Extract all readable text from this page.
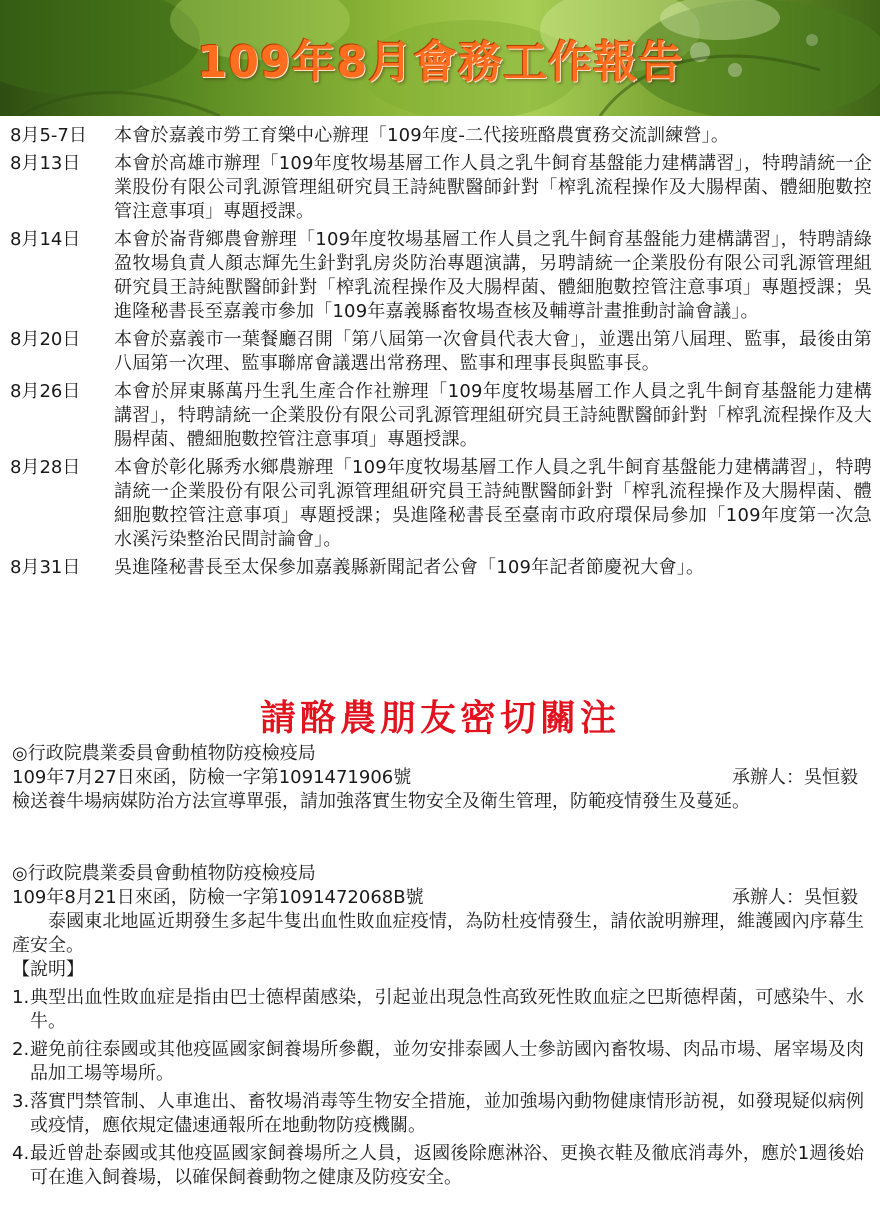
109年8月會務工作報告
8月5-7日	本會於嘉義市勞工育樂中心辦理「109年度-二代接班酪農實務交流訓練營」。
8月13日	本會於高雄市辦理「109年度牧場基層工作人員之乳牛飼育基盤能力建構講習」，特聘請統一企業股份有限公司乳源管理組研究員王詩純獸醫師針對「榨乳流程操作及大腸桿菌、體細胞數控管注意事項」專題授課。
8月14日	本會於崙背鄉農會辦理「109年度牧場基層工作人員之乳牛飼育基盤能力建構講習」，特聘請綠盈牧場負責人顏志輝先生針對乳房炎防治專題演講，另聘請統一企業股份有限公司乳源管理組研究員王詩純獸醫師針對「榨乳流程操作及大腸桿菌、體細胞數控管注意事項」專題授課；吳進隆秘書長至嘉義市參加「109年嘉義縣畜牧場查核及輔導計畫推動討論會議」。
8月20日	本會於嘉義市一葉餐廳召開「第八屆第一次會員代表大會」，並選出第八屆理、監事，最後由第八屆第一次理、監事聯席會議選出常務理、監事和理事長與監事長。
8月26日	本會於屏東縣萬丹生乳生產合作社辦理「109年度牧場基層工作人員之乳牛飼育基盤能力建構講習」，特聘請統一企業股份有限公司乳源管理組研究員王詩純獸醫師針對「榨乳流程操作及大腸桿菌、體細胞數控管注意事項」專題授課。
8月28日	本會於彰化縣秀水鄉農辦理「109年度牧場基層工作人員之乳牛飼育基盤能力建構講習」，特聘請統一企業股份有限公司乳源管理組研究員王詩純獸醫師針對「榨乳流程操作及大腸桿菌、體細胞數控管注意事項」專題授課；吳進隆秘書長至臺南市政府環保局參加「109年度第一次急水溪污染整治民間討論會」。
8月31日	吳進隆秘書長至太保參加嘉義縣新聞記者公會「109年記者節慶祝大會」。
請酪農朋友密切關注
◎行政院農業委員會動植物防疫檢疫局
109年7月27日來函，防檢一字第1091471906號	承辦人：吳恒毅
檢送養牛場病媒防治方法宣導單張，請加強落實生物安全及衛生管理，防範疫情發生及蔓延。
◎行政院農業委員會動植物防疫檢疫局
109年8月21日來函，防檢一字第1091472068B號	承辦人：吳恒毅
泰國東北地區近期發生多起牛隻出血性敗血症疫情，為防杜疫情發生，請依說明辦理，維護國內序幕生產安全。
【說明】
1. 典型出血性敗血症是指由巴士德桿菌感染，引起並出現急性高致死性敗血症之巴斯德桿菌，可感染牛、水牛。
2. 避免前往泰國或其他疫區國家飼養場所參觀，並勿安排泰國人士參訪國內畜牧場、肉品市場、屠宰場及肉品加工場等場所。
3. 落實門禁管制、人車進出、畜牧場消毒等生物安全措施，並加強場內動物健康情形訪視，如發現疑似病例或疫情，應依規定儘速通報所在地動物防疫機關。
4. 最近曾赴泰國或其他疫區國家飼養場所之人員，返國後除應淋浴、更換衣鞋及徹底消毒外，應於1週後始可在進入飼養場，以確保飼養動物之健康及防疫安全。
